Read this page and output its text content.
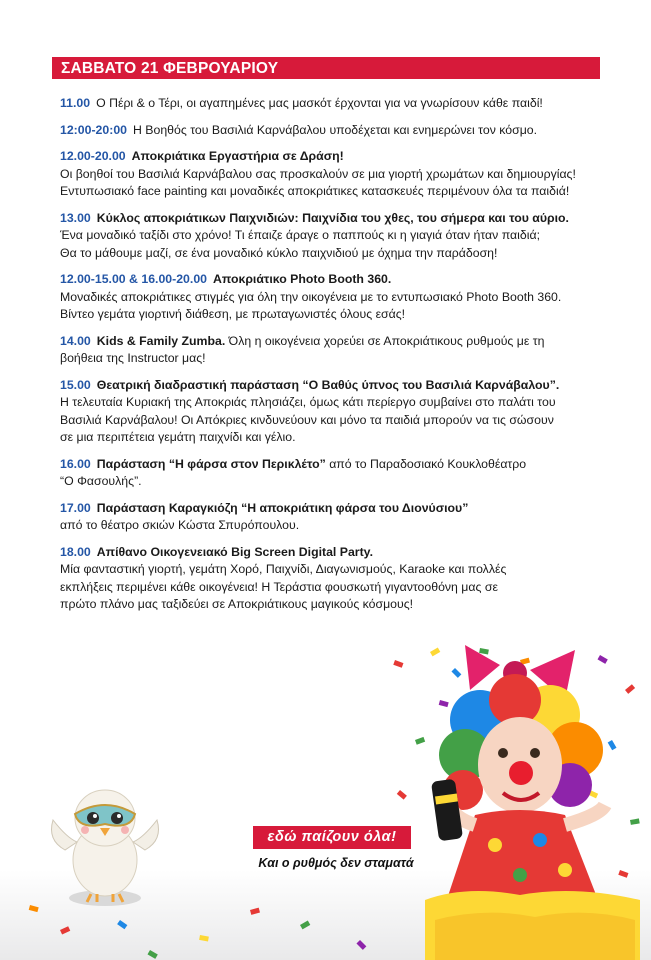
ΣΑΒΒΑΤΟ 21 ΦΕΒΡΟΥΑΡΙΟΥ
11.00 Ο Πέρι & ο Τέρι, οι αγαπημένες μας μασκότ έρχονται για να γνωρίσουν κάθε παιδί!
12:00-20:00 Η Βοηθός του Βασιλιά Καρνάβαλου υποδέχεται και ενημερώνει τον κόσμο.
12.00-20.00 Αποκριάτικα Εργαστήρια σε Δράση!
Οι βοηθοί του Βασιλιά Καρνάβαλου σας προσκαλούν σε μια γιορτή χρωμάτων και δημιουργίας!
Εντυπωσιακό face painting και μοναδικές αποκριάτικες κατασκευές περιμένουν όλα τα παιδιά!
13.00 Κύκλος αποκριάτικων Παιχνιδιών: Παιχνίδια του χθες, του σήμερα και του αύριο.
Ένα μοναδικό ταξίδι στο χρόνο! Τι έπαιζε άραγε ο παππούς κι η γιαγιά όταν ήταν παιδιά;
Θα το μάθουμε μαζί, σε ένα μοναδικό κύκλο παιχνιδιού με όχημα την παράδοση!
12.00-15.00 & 16.00-20.00 Αποκριάτικο Photo Booth 360.
Μοναδικές αποκριάτικες στιγμές για όλη την οικογένεια με το εντυπωσιακό Photo Booth 360.
Βίντεο γεμάτα γιορτινή διάθεση, με πρωταγωνιστές όλους εσάς!
14.00 Kids & Family Zumba. Όλη η οικογένεια χορεύει σε Αποκριάτικους ρυθμούς με τη
βοήθεια της Instructor μας!
15.00 Θεατρική διαδραστική παράσταση “Ο Βαθύς ύπνος του Βασιλιά Καρνάβαλου”.
Η τελευταία Κυριακή της Αποκριάς πλησιάζει, όμως κάτι περίεργο συμβαίνει στο παλάτι του
Βασιλιά Καρνάβαλου! Οι Απόκριες κινδυνεύουν και μόνο τα παιδιά μπορούν να τις σώσουν
σε μια περιπέτεια γεμάτη παιχνίδι και γέλιο.
16.00 Παράσταση “Η φάρσα στον Περικλέτο” από το Παραδοσιακό Κουκλοθέατρο
“Ο Φασουλής”.
17.00 Παράσταση Καραγκιόζη “Η αποκριάτικη φάρσα του Διονύσιου”
από το θέατρο σκιών Κώστα Σπυρόπουλου.
18.00 Απίθανο Οικογενειακό Big Screen Digital Party.
Μία φανταστική γιορτή, γεμάτη Χορό, Παιχνίδι, Διαγωνισμούς, Karaoke και πολλές
εκπλήξεις περιμένει κάθε οικογένεια! Η Τεράστια φουσκωτή γιγαντοοθόνη μας σε
πρώτο πλάνο μας ταξιδεύει σε Αποκριάτικους μαγικούς κόσμους!
εδώ παίζουν όλα!
Και ο ρυθμός δεν σταματά
